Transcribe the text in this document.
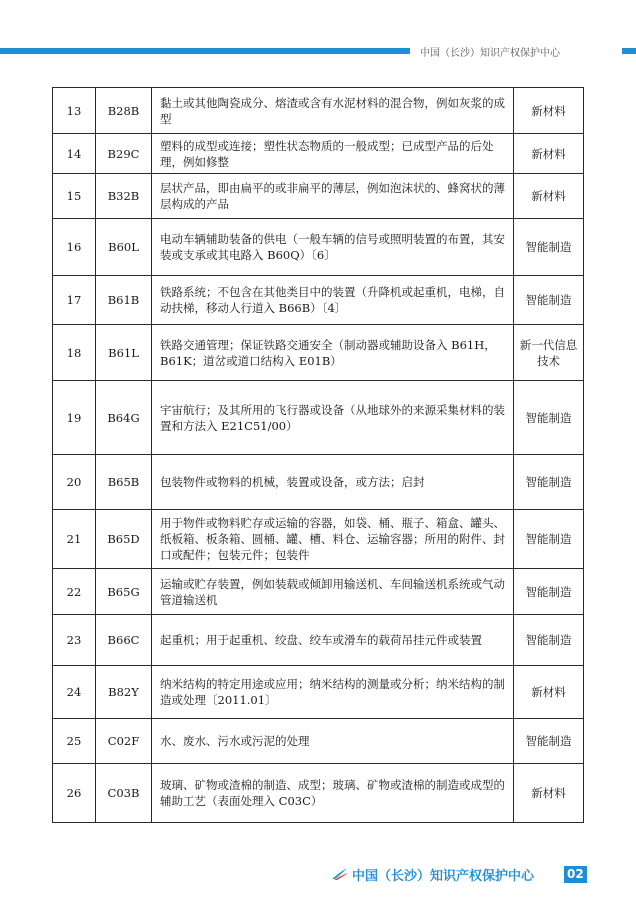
中国（长沙）知识产权保护中心
13	B28B	黏土或其他陶瓷成分、熔渣或含有水泥材料的混合物，例如灰浆的成型	新材料
14	B29C	塑料的成型或连接；塑性状态物质的一般成型；已成型产品的后处理，例如修整	新材料
15	B32B	层状产品，即由扁平的或非扁平的薄层，例如泡沫状的、蜂窝状的薄层构成的产品	新材料
16	B60L	电动车辆辅助装备的供电（一般车辆的信号或照明装置的布置，其安装或支承或其电路入 B60Q）〔6〕	智能制造
17	B61B	铁路系统；不包含在其他类目中的装置（升降机或起重机，电梯，自动扶梯，移动人行道入 B66B）〔4〕	智能制造
18	B61L	铁路交通管理；保证铁路交通安全（制动器或辅助设备入 B61H，B61K；道岔或道口结构入 E01B）	新一代信息技术
19	B64G	宇宙航行；及其所用的飞行器或设备（从地球外的来源采集材料的装置和方法入 E21C51/00）	智能制造
20	B65B	包装物件或物料的机械，装置或设备，或方法；启封	智能制造
21	B65D	用于物件或物料贮存或运输的容器，如袋、桶、瓶子、箱盒、罐头、纸板箱、板条箱、圆桶、罐、槽、料仓、运输容器；所用的附件、封口或配件；包装元件；包装件	智能制造
22	B65G	运输或贮存装置，例如装载或倾卸用输送机、车间输送机系统或气动管道输送机	智能制造
23	B66C	起重机；用于起重机、绞盘、绞车或滑车的载荷吊挂元件或装置	智能制造
24	B82Y	纳米结构的特定用途或应用；纳米结构的测量或分析；纳米结构的制造或处理〔2011.01〕	新材料
25	C02F	水、废水、污水或污泥的处理	智能制造
26	C03B	玻璃、矿物或渣棉的制造、成型；玻璃、矿物或渣棉的制造或成型的辅助工艺（表面处理入 C03C）	新材料
中国（长沙）知识产权保护中心	02
